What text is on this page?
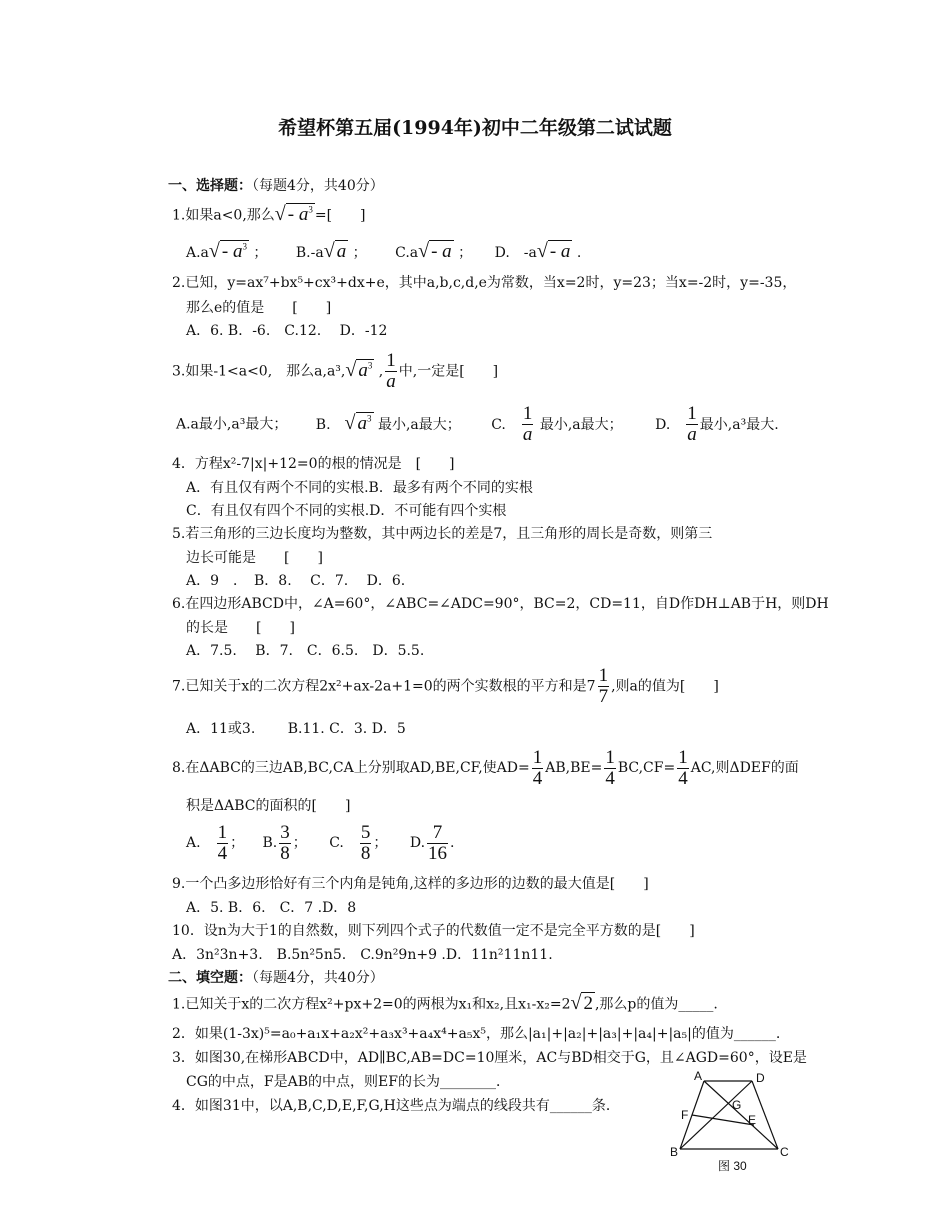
希望杯第五届(1994年)初中二年级第二试试题
一、选择题：（每题4分，共40分）
1.如果a<0,那么√ - $a^3$ =[　　]
$A.a√ - a^3$ ； B.-a√ a ； C.a√ - a ； D.　-a√ - a .
2.已知，y=ax⁷+bx⁵+cx³+dx+e，其中a,b,c,d,e为常数，当x=2时，y=23；当x=-2时，y=-35，
那么e的值是　　[　　]
A．6. B．-6.　C.12.　 D．-12
3.如果-1<a<0,　那么a,a³,√ $a^3$ , $\frac{1}{a}$ 中,一定是[　　]
A.a最小,a³最大； B.　 √ $a^3$ 最小,a最大； C.　 $\frac{1}{a}$ 最小,a最大； D.　 $\frac{1}{a}$ 最小,a³最大.
4．方程x²-7|x|+12=0的根的情况是　[　　]
A．有且仅有两个不同的实根.B．最多有两个不同的实根
C．有且仅有四个不同的实根.D．不可能有四个实根
5.若三角形的三边长度均为整数，其中两边长的差是7，且三角形的周长是奇数，则第三
边长可能是　　[　　]
A．9　．　B．8.　 C．7.　 D．6.
6.在四边形ABCD中，∠A=60°，∠ABC=∠ADC=90°，BC=2，CD=11，自D作DH⊥AB于H，则DH
的长是　　[　　]
A．7.5.　 B．7.　C．6.5.　D．5.5.
7.已知关于x的二次方程2x²+ax-2a+1=0的两个实数根的平方和是$7 \frac{1}{7}$ ,则a的值为[　　]
A．11或3.　　 B.11. C．3. D．5
8.在ΔABC的三边AB,BC,CA上分别取AD,BE,CF,使$AD= \frac{1}{4} AB,BE= \frac{1}{4} BC,CF= \frac{1}{4}$ AC,则ΔDEF的面
积是ΔABC的面积的[　　]
A.　 $\frac{1}{4}$ ； B. $\frac{3}{8}$ ； C.　 $\frac{5}{8}$ ； D. $\frac{7}{16}$ .
9.一个凸多边形恰好有三个内角是钝角,这样的多边形的边数的最大值是[　　]
A．5. B．6.　C．7 .D．8
10．设n为大于1的自然数，则下列四个式子的代数值一定不是完全平方数的是[　　]
A．3n²3n+3.　B.5n²5n5.　C.9n²9n+9 .D．11n²11n11.
二、填空题：（每题4分，共40分）
1.已知关于x的二次方程x²+px+2=0的两根为x₁和x₂,且x₁-x₂=2√ 2 ,那么p的值为_____.
2．如果(1-3x)⁵=a₀+a₁x+a₂x²+a₃x³+a₄x⁴+a₅x⁵，那么|a₁|+|a₂|+|a₃|+|a₄|+|a₅|的值为______.
3．如图30,在梯形ABCD中，AD∥BC,AB=DC=10厘米，AC与BD相交于G，且∠AGD=60°，设E是
CG的中点，F是AB的中点，则EF的长为________．
4．如图31中，以A,B,C,D,E,F,G,H这些点为端点的线段共有______条．
A	D
F
G
E
B	C
图 30
